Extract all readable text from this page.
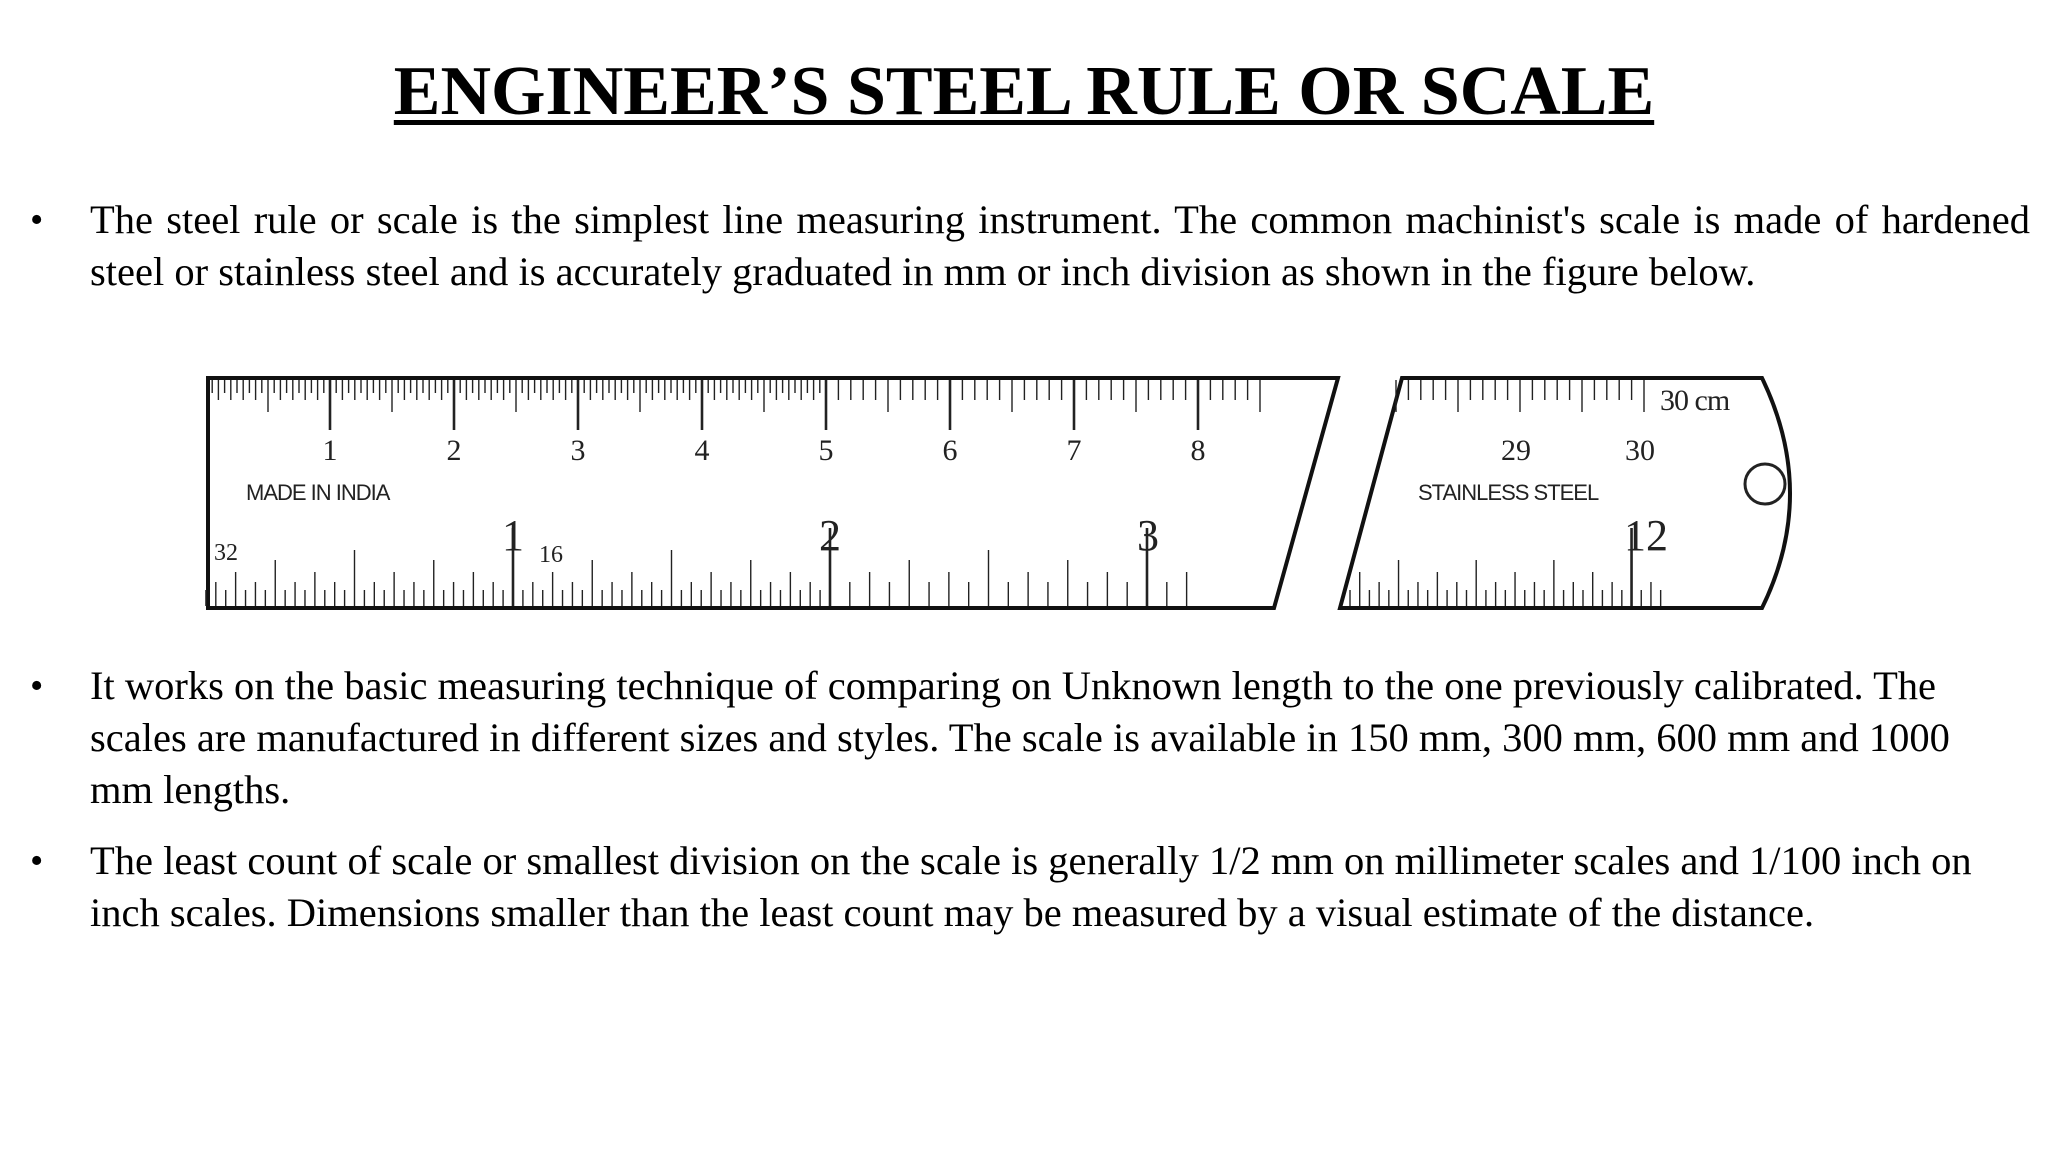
ENGINEER’S STEEL RULE OR SCALE
• The steel rule or scale is the simplest line measuring instrument. The common machinist's scale is made of hardened steel or stainless steel and is accurately graduated in mm or inch division as shown in the figure below.
1	2	3	4	5	6	7	8
MADE IN INDIA
32	1 16	2	3
30 cm
29	30
STAINLESS STEEL
12
• It works on the basic measuring technique of comparing on Unknown length to the one previously calibrated. The scales are manufactured in different sizes and styles. The scale is available in 150 mm, 300 mm, 600 mm and 1000 mm lengths.
• The least count of scale or smallest division on the scale is generally 1/2 mm on millimeter scales and 1/100 inch on inch scales. Dimensions smaller than the least count may be measured by a visual estimate of the distance.
